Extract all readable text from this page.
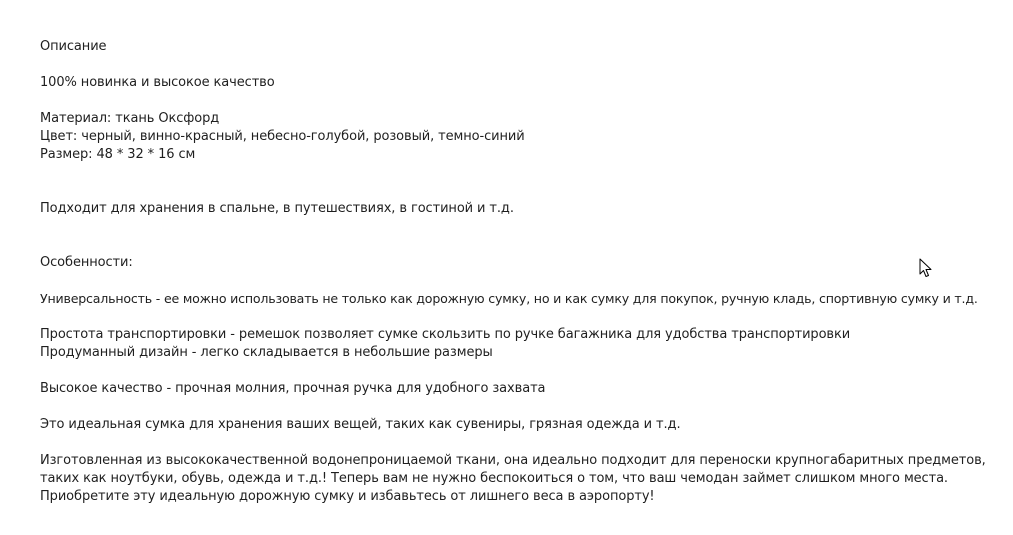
Описание
100% новинка и высокое качество
Материал: ткань Оксфорд
Цвет: черный, винно-красный, небесно-голубой, розовый, темно-синий
Размер: 48 * 32 * 16 см
Подходит для хранения в спальне, в путешествиях, в гостиной и т.д.
Особенности:
Универсальность - ее можно использовать не только как дорожную сумку, но и как сумку для покупок, ручную кладь, спортивную сумку и т.д.
Простота транспортировки - ремешок позволяет сумке скользить по ручке багажника для удобства транспортировки
Продуманный дизайн - легко складывается в небольшие размеры
Высокое качество - прочная молния, прочная ручка для удобного захвата
Это идеальная сумка для хранения ваших вещей, таких как сувениры, грязная одежда и т.д.
Изготовленная из высококачественной водонепроницаемой ткани, она идеально подходит для переноски крупногабаритных предметов, таких как ноутбуки, обувь, одежда и т.д.! Теперь вам не нужно беспокоиться о том, что ваш чемодан займет слишком много места. Приобретите эту идеальную дорожную сумку и избавьтесь от лишнего веса в аэропорту!
